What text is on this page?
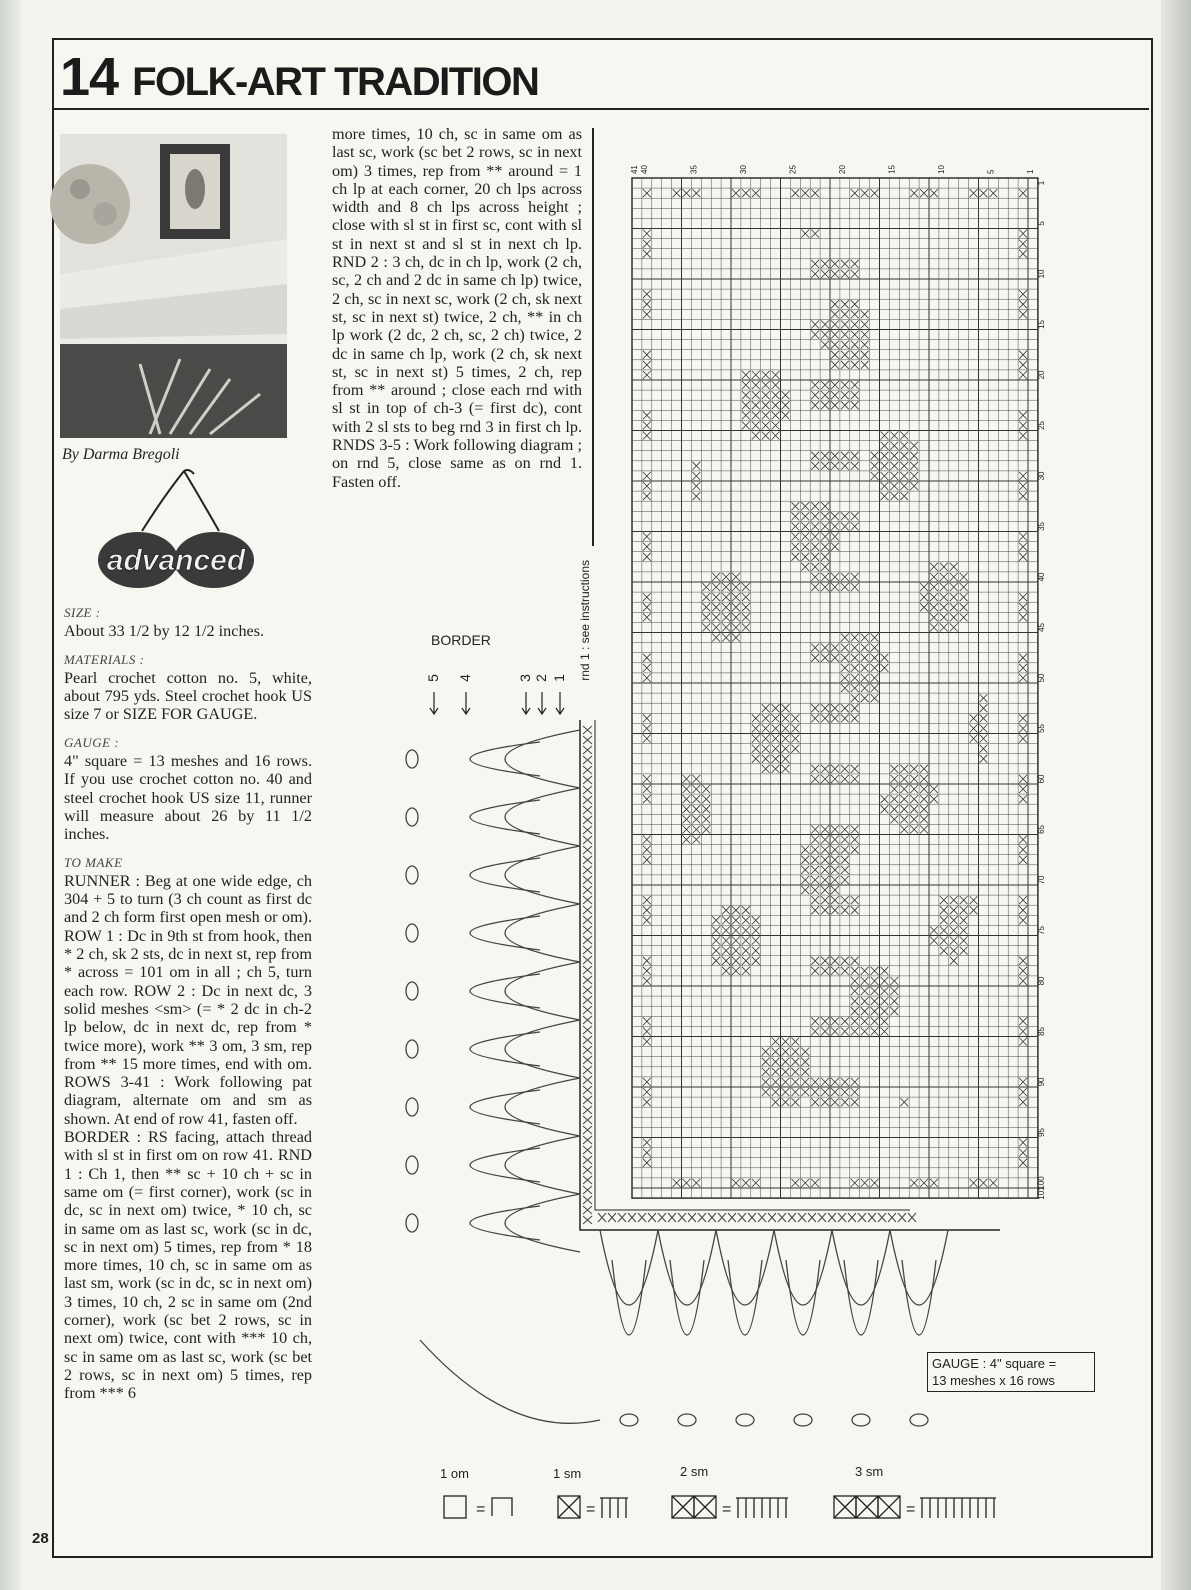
14 FOLK-ART TRADITION
By Darma Bregoli
advanced
SIZE :

About 33 1/2 by 12 1/2 inches.

MATERIALS :

Pearl crochet cotton no. 5, white, about 795 yds. Steel crochet hook US size 7 or SIZE FOR GAUGE.

GAUGE :

4" square = 13 meshes and 16 rows. If you use crochet cotton no. 40 and steel crochet hook US size 11, runner will measure about 26 by 11 1/2 inches.

TO MAKE

RUNNER : Beg at one wide edge, ch 304 + 5 to turn (3 ch count as first dc and 2 ch form first open mesh or om). ROW 1 : Dc in 9th st from hook, then * 2 ch, sk 2 sts, dc in next st, rep from * across = 101 om in all ; ch 5, turn each row. ROW 2 : Dc in next dc, 3 solid meshes <sm> (= * 2 dc in ch-2 lp below, dc in next dc, rep from * twice more), work ** 3 om, 3 sm, rep from ** 15 more times, end with om. ROWS 3-41 : Work following pat diagram, alternate om and sm as shown. At end of row 41, fasten off.

BORDER : RS facing, attach thread with sl st in first om on row 41. RND 1 : Ch 1, then ** sc + 10 ch + sc in same om (= first corner), work (sc in dc, sc in next om) twice, * 10 ch, sc in same om as last sc, work (sc in dc, sc in next om) 5 times, rep from * 18 more times, 10 ch, sc in same om as last sm, work (sc in dc, sc in next om) 3 times, 10 ch, 2 sc in same om (2nd corner), work (sc bet 2 rows, sc in next om) twice, cont with *** 10 ch, sc in same om as last sc, work (sc bet 2 rows, sc in next om) 5 times, rep from *** 6

more times, 10 ch, sc in same om as last sc, work (sc bet 2 rows, sc in next om) 3 times, rep from ** around = 1 ch lp at each corner, 20 ch lps across width and 8 ch lps across height ; close with sl st in first sc, cont with sl st in next st and sl st in next ch lp. RND 2 : 3 ch, dc in ch lp, work (2 ch, sc, 2 ch and 2 dc in same ch lp) twice, 2 ch, sc in next sc, work (2 ch, sk next st, sc in next st) twice, 2 ch, ** in ch lp work (2 dc, 2 ch, sc, 2 ch) twice, 2 dc in same ch lp, work (2 ch, sk next st, sc in next st) 5 times, 2 ch, rep from ** around ; close each rnd with sl st in top of ch-3 (= first dc), cont with 2 sl sts to beg rnd 3 in first ch lp. RNDS 3-5 : Work following diagram ; on rnd 5, close same as on rnd 1. Fasten off.
28
BORDER	rnd 1 : see instructions
41 40	35	30	25	20	15	10	5	1
1
5
10
15
20
25
30
35
40
45
50
55
60
65
70
75
80
85
90
95
100
101
5 4	3 2 1
GAUGE : 4" square =
13 meshes x 16 rows
1 om	1 sm	2 sm	3 sm
=	=	=	=
